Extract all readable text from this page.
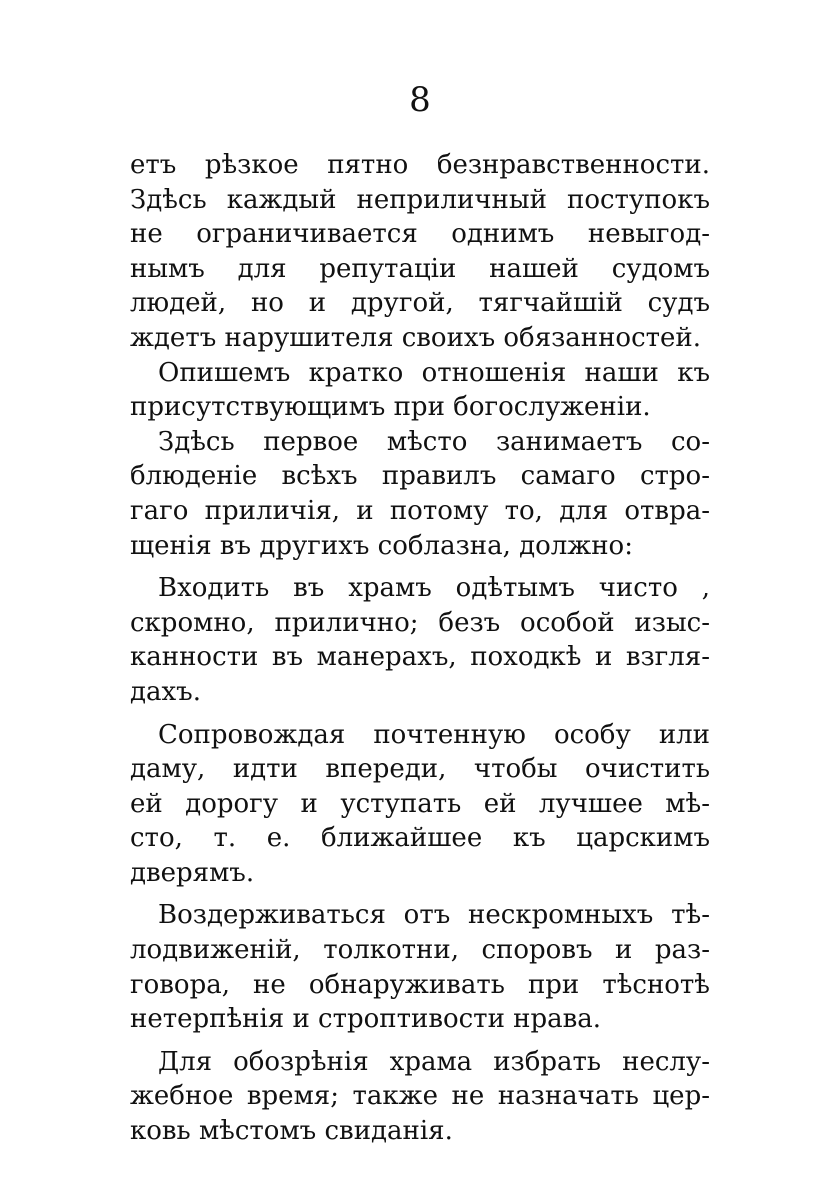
8
етъ рѣзкое пятно безнравственности.
Здѣсь каждый неприличный поступокъ
не ограничивается однимъ невыгод-
нымъ для репутаціи нашей судомъ
людей, но и другой, тягчайшій судъ
ждетъ нарушителя своихъ обязанностей.
Опишемъ кратко отношенія наши къ
присутствующимъ при богослуженіи.
Здѣсь первое мѣсто занимаетъ со-
блюденіе всѣхъ правилъ самаго стро-
гаго приличія, и потому то, для отвра-
щенія въ другихъ соблазна, должно:
Входить въ храмъ одѣтымъ чисто ,
скромно, прилично; безъ особой изыс-
канности въ манерахъ, походкѣ и взгля-
дахъ.
Сопровождая почтенную особу или
даму, идти впереди, чтобы очистить
ей дорогу и уступать ей лучшее мѣ-
сто, т. е. ближайшее къ царскимъ
дверямъ.
Воздерживаться отъ нескромныхъ тѣ-
лодвиженій, толкотни, споровъ и раз-
говора, не обнаруживать при тѣснотѣ
нетерпѣнія и строптивости нрава.
Для обозрѣнія храма избрать неслу-
жебное время; также не назначать цер-
ковь мѣстомъ свиданія.
